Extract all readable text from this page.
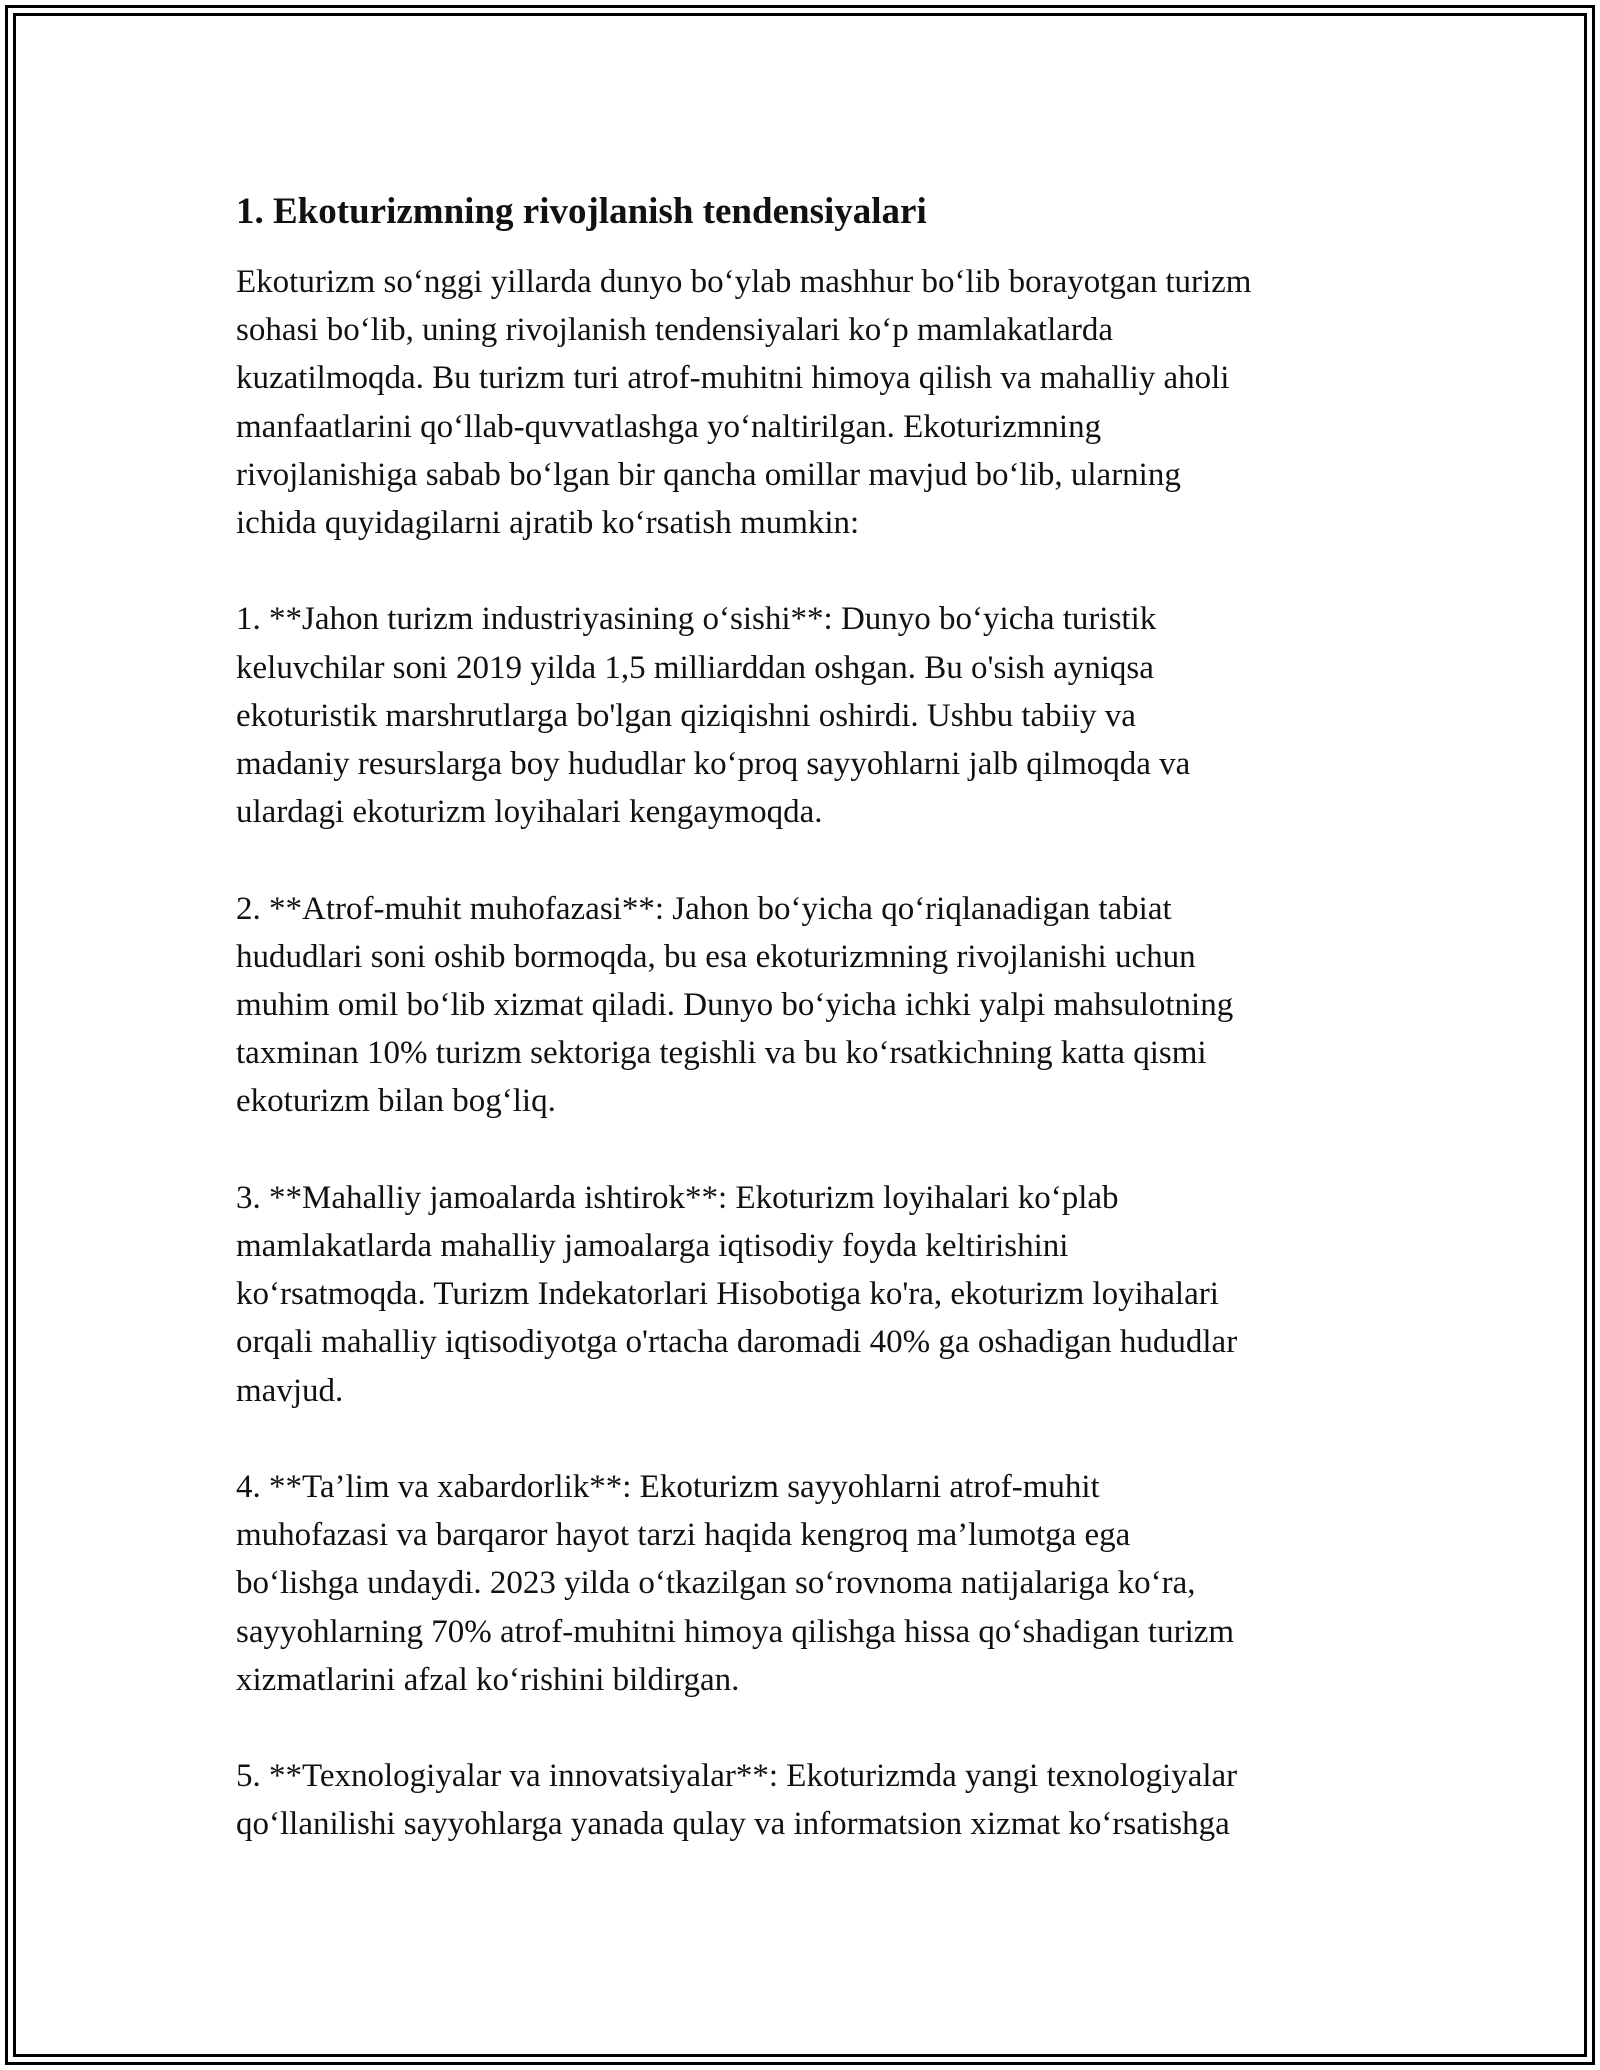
1. Ekoturizmning rivojlanish tendensiyalari

Ekoturizm so‘nggi yillarda dunyo bo‘ylab mashhur bo‘lib borayotgan turizm
sohasi bo‘lib, uning rivojlanish tendensiyalari ko‘p mamlakatlarda
kuzatilmoqda. Bu turizm turi atrof-muhitni himoya qilish va mahalliy aholi
manfaatlarini qo‘llab-quvvatlashga yo‘naltirilgan. Ekoturizmning
rivojlanishiga sabab bo‘lgan bir qancha omillar mavjud bo‘lib, ularning
ichida quyidagilarni ajratib ko‘rsatish mumkin:

1. **Jahon turizm industriyasining o‘sishi**: Dunyo bo‘yicha turistik
keluvchilar soni 2019 yilda 1,5 milliarddan oshgan. Bu o'sish ayniqsa
ekoturistik marshrutlarga bo'lgan qiziqishni oshirdi. Ushbu tabiiy va
madaniy resurslarga boy hududlar ko‘proq sayyohlarni jalb qilmoqda va
ulardagi ekoturizm loyihalari kengaymoqda.

2. **Atrof-muhit muhofazasi**: Jahon bo‘yicha qo‘riqlanadigan tabiat
hududlari soni oshib bormoqda, bu esa ekoturizmning rivojlanishi uchun
muhim omil bo‘lib xizmat qiladi. Dunyo bo‘yicha ichki yalpi mahsulotning
taxminan 10% turizm sektoriga tegishli va bu ko‘rsatkichning katta qismi
ekoturizm bilan bog‘liq.

3. **Mahalliy jamoalarda ishtirok**: Ekoturizm loyihalari ko‘plab
mamlakatlarda mahalliy jamoalarga iqtisodiy foyda keltirishini
ko‘rsatmoqda. Turizm Indekatorlari Hisobotiga ko'ra, ekoturizm loyihalari
orqali mahalliy iqtisodiyotga o'rtacha daromadi 40% ga oshadigan hududlar
mavjud.

4. **Ta’lim va xabardorlik**: Ekoturizm sayyohlarni atrof-muhit
muhofazasi va barqaror hayot tarzi haqida kengroq ma’lumotga ega
bo‘lishga undaydi. 2023 yilda o‘tkazilgan so‘rovnoma natijalariga ko‘ra,
sayyohlarning 70% atrof-muhitni himoya qilishga hissa qo‘shadigan turizm
xizmatlarini afzal ko‘rishini bildirgan.

5. **Texnologiyalar va innovatsiyalar**: Ekoturizmda yangi texnologiyalar
qo‘llanilishi sayyohlarga yanada qulay va informatsion xizmat ko‘rsatishga
